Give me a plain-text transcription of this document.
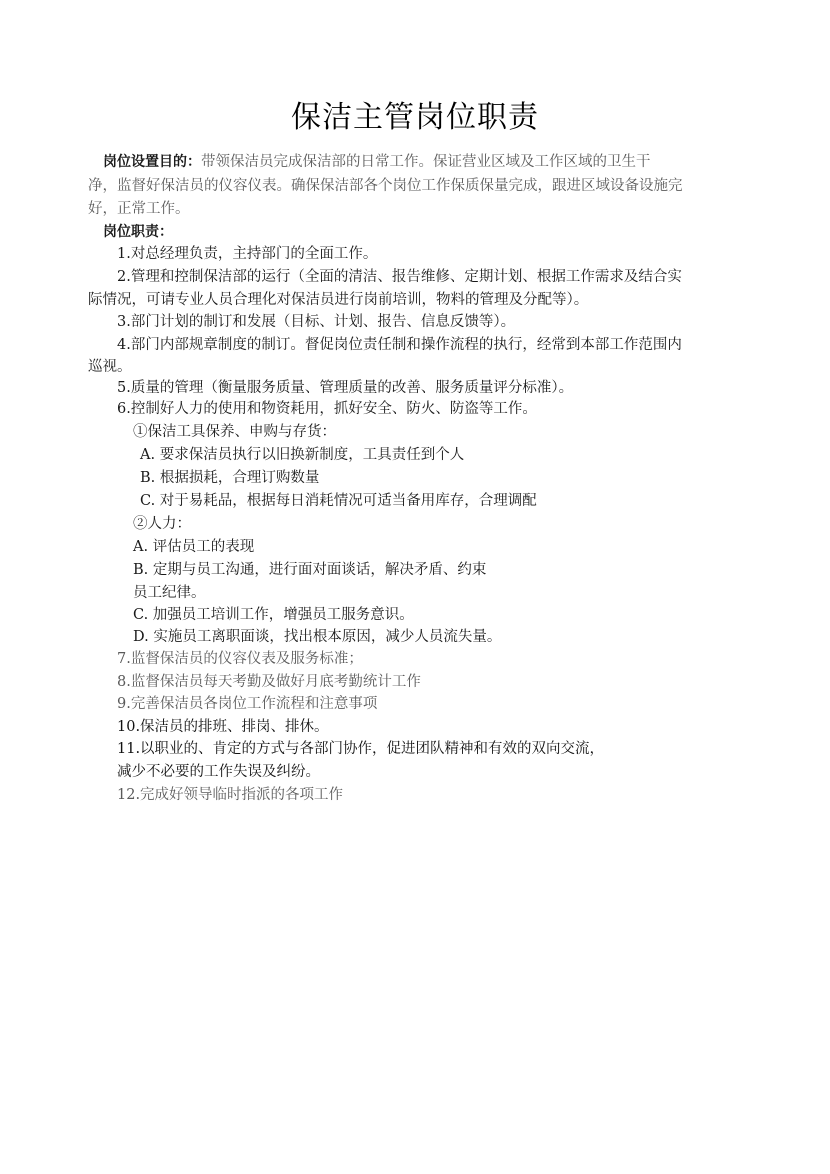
保洁主管岗位职责
岗位设置目的：带领保洁员完成保洁部的日常工作。保证营业区域及工作区域的卫生干
净，监督好保洁员的仪容仪表。确保保洁部各个岗位工作保质保量完成，跟进区域设备设施完
好，正常工作。
岗位职责：
1.对总经理负责，主持部门的全面工作。
2.管理和控制保洁部的运行（全面的清洁、报告维修、定期计划、根据工作需求及结合实
际情况，可请专业人员合理化对保洁员进行岗前培训，物料的管理及分配等）。
3.部门计划的制订和发展（目标、计划、报告、信息反馈等）。
4.部门内部规章制度的制订。督促岗位责任制和操作流程的执行，经常到本部工作范围内
巡视。
5.质量的管理（衡量服务质量、管理质量的改善、服务质量评分标准）。
6.控制好人力的使用和物资耗用，抓好安全、防火、防盗等工作。
①保洁工具保养、申购与存货：
A. 要求保洁员执行以旧换新制度，工具责任到个人
B. 根据损耗，合理订购数量
C. 对于易耗品，根据每日消耗情况可适当备用库存，合理调配
②人力：
A. 评估员工的表现
B. 定期与员工沟通，进行面对面谈话，解决矛盾、约束
员工纪律。
C. 加强员工培训工作，增强员工服务意识。
D. 实施员工离职面谈，找出根本原因，减少人员流失量。
7.监督保洁员的仪容仪表及服务标准；
8.监督保洁员每天考勤及做好月底考勤统计工作
9.完善保洁员各岗位工作流程和注意事项
10.保洁员的排班、排岗、排休。
11.以职业的、肯定的方式与各部门协作，促进团队精神和有效的双向交流，
减少不必要的工作失误及纠纷。
12.完成好领导临时指派的各项工作
